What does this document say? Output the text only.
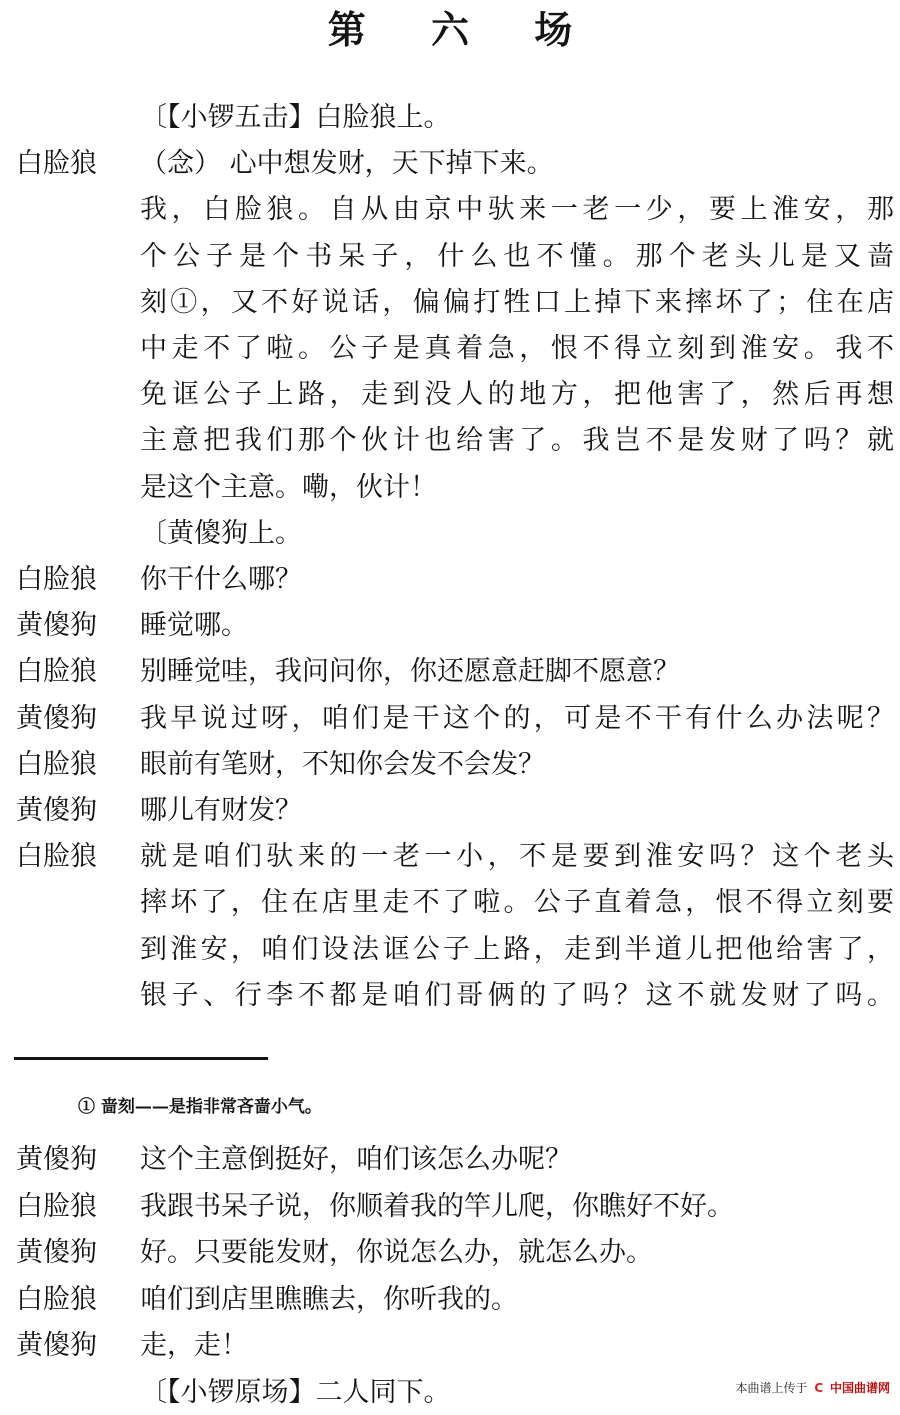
第 六 场
〔【小锣五击】白脸狼上。
白脸狼 （念） 心中想发财，天下掉下来。
我，白脸狼。自从由京中驮来一老一少，要上淮安，那
个公子是个书呆子，什么也不懂。那个老头儿是又啬
刻①，又不好说话，偏偏打牲口上掉下来摔坏了；住在店
中走不了啦。公子是真着急，恨不得立刻到淮安。我不
免诓公子上路，走到没人的地方，把他害了，然后再想
主意把我们那个伙计也给害了。我岂不是发财了吗？就
是这个主意。嘞，伙计！
〔黄傻狗上。
白脸狼 你干什么哪？
黄傻狗 睡觉哪。
白脸狼 别睡觉哇，我问问你，你还愿意赶脚不愿意？
黄傻狗 我早说过呀，咱们是干这个的，可是不干有什么办法呢？
白脸狼 眼前有笔财，不知你会发不会发？
黄傻狗 哪儿有财发？
白脸狼 就是咱们驮来的一老一小，不是要到淮安吗？这个老头
摔坏了，住在店里走不了啦。公子直着急，恨不得立刻要
到淮安，咱们设法诓公子上路，走到半道儿把他给害了，
银子、行李不都是咱们哥俩的了吗？这不就发财了吗。
① 啬刻——是指非常吝啬小气。
黄傻狗 这个主意倒挺好，咱们该怎么办呢？
白脸狼 我跟书呆子说，你顺着我的竿儿爬，你瞧好不好。
黄傻狗 好。只要能发财，你说怎么办，就怎么办。
白脸狼 咱们到店里瞧瞧去，你听我的。
黄傻狗 走，走！
〔【小锣原场】二人同下。	本曲谱上传于 C 中国曲谱网
